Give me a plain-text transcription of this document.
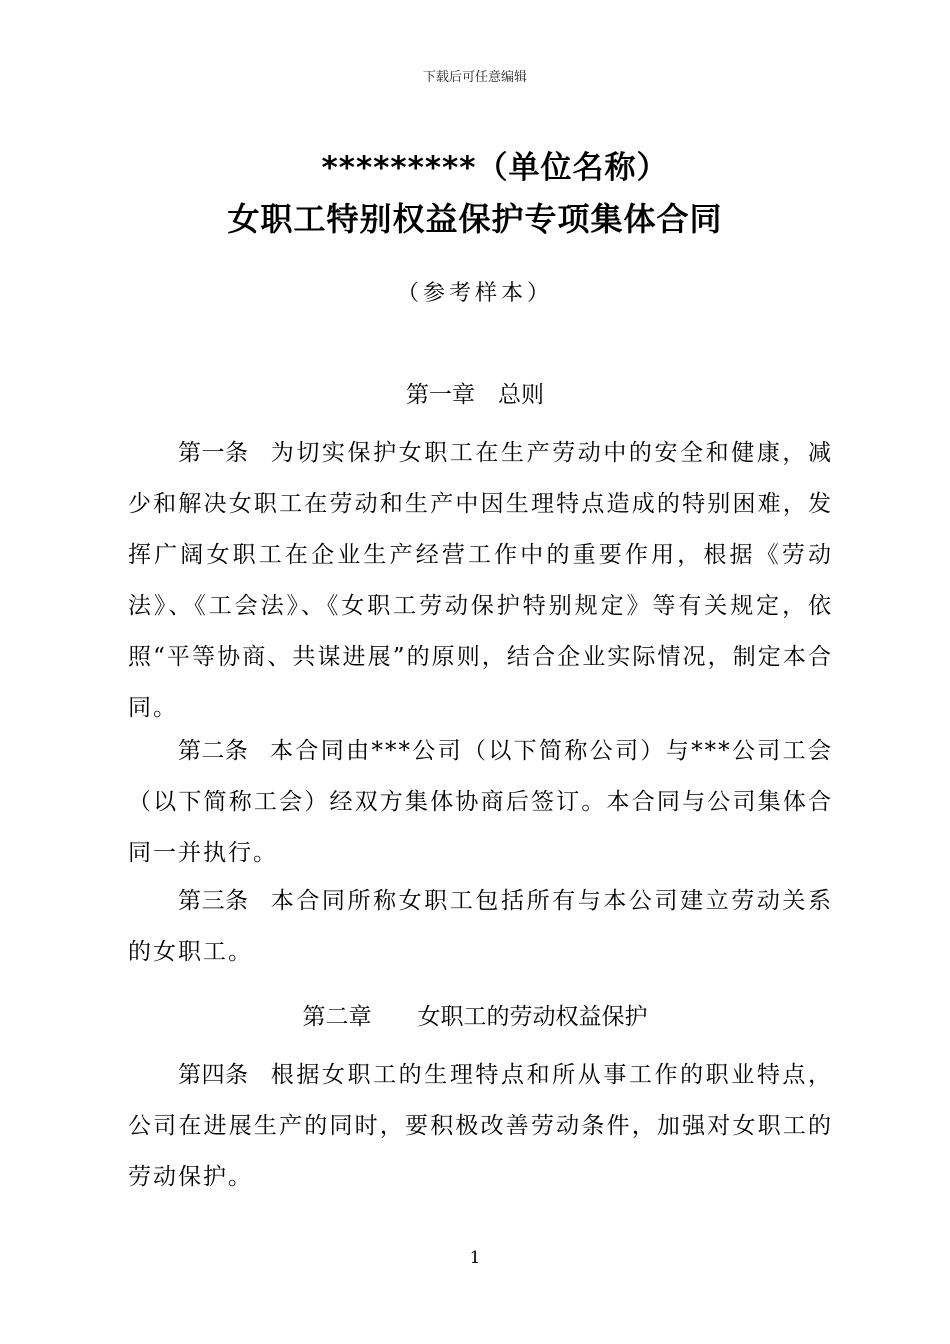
下载后可任意编辑
*********（单位名称）
女职工特别权益保护专项集体合同
（参考样本）
第一章　总则

第一条 为切实保护女职工在生产劳动中的安全和健康，减少和解决女职工在劳动和生产中因生理特点造成的特别困难，发挥广阔女职工在企业生产经营工作中的重要作用，根据《劳动法》、《工会法》、《女职工劳动保护特别规定》等有关规定，依照“平等协商、共谋进展”的原则，结合企业实际情况，制定本合同。

第二条 本合同由***公司（以下简称公司）与***公司工会（以下简称工会）经双方集体协商后签订。本合同与公司集体合同一并执行。

第三条 本合同所称女职工包括所有与本公司建立劳动关系的女职工。

第二章　　女职工的劳动权益保护

第四条 根据女职工的生理特点和所从事工作的职业特点，公司在进展生产的同时，要积极改善劳动条件，加强对女职工的劳动保护。

1
